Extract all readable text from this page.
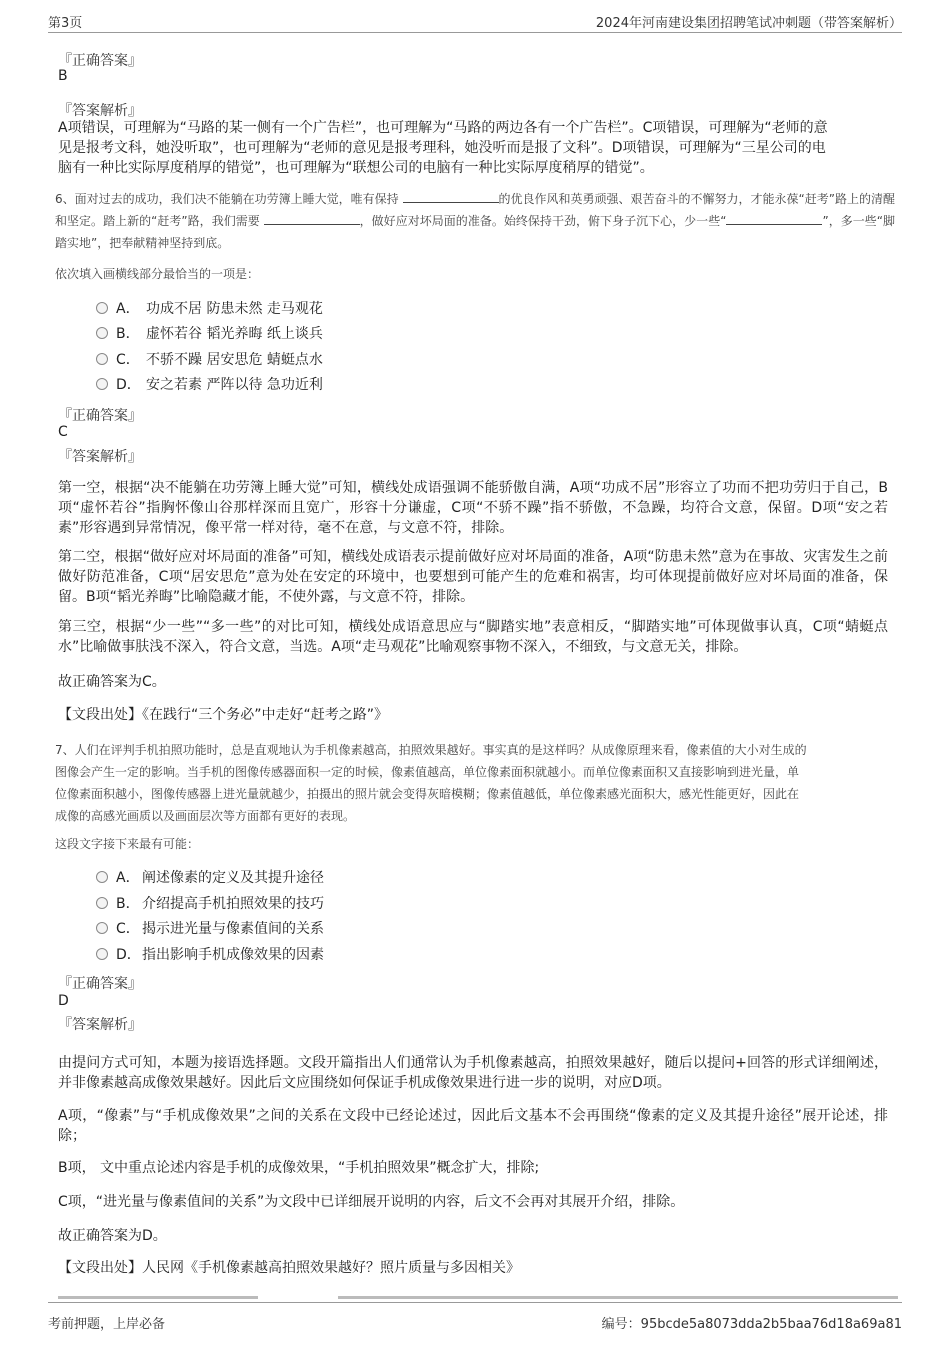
第3页	2024年河南建设集团招聘笔试冲刺题（带答案解析）
『正确答案』
B
『答案解析』
A项错误，可理解为“马路的某一侧有一个广告栏”，也可理解为“马路的两边各有一个广告栏”。C项错误，可理解为“老师的意
见是报考文科，她没听取”，也可理解为“老师的意见是报考理科，她没听而是报了文科”。D项错误，可理解为“三星公司的电
脑有一种比实际厚度稍厚的错觉”，也可理解为“联想公司的电脑有一种比实际厚度稍厚的错觉”。
6、面对过去的成功，我们决不能躺在功劳簿上睡大觉，唯有保持	的优良作风和英勇顽强、艰苦奋斗的不懈努力，才能永葆“赶考”路上的清醒和坚定。踏上新的“赶考”路，我们需要	，做好应对坏局面的准备。始终保持干劲，俯下身子沉下心，少一些“	”，多一些“脚踏实地”，把奉献精神坚持到底。
依次填入画横线部分最恰当的一项是：
A． 功成不居 防患未然 走马观花
B． 虚怀若谷 韬光养晦 纸上谈兵
C． 不骄不躁 居安思危 蜻蜓点水
D． 安之若素 严阵以待 急功近利
『正确答案』
C
『答案解析』
第一空，根据“决不能躺在功劳簿上睡大觉”可知，横线处成语强调不能骄傲自满，A项“功成不居”形容立了功而不把功劳归于自己，B项“虚怀若谷”指胸怀像山谷那样深而且宽广，形容十分谦虚，C项“不骄不躁”指不骄傲，不急躁，均符合文意，保留。D项“安之若素”形容遇到异常情况，像平常一样对待，毫不在意，与文意不符，排除。
第二空，根据“做好应对坏局面的准备”可知，横线处成语表示提前做好应对坏局面的准备，A项“防患未然”意为在事故、灾害发生之前做好防范准备，C项“居安思危”意为处在安定的环境中，也要想到可能产生的危难和祸害，均可体现提前做好应对坏局面的准备，保留。B项“韬光养晦”比喻隐藏才能，不使外露，与文意不符，排除。
第三空，根据“少一些”“多一些”的对比可知，横线处成语意思应与“脚踏实地”表意相反，“脚踏实地”可体现做事认真，C项“蜻蜓点水”比喻做事肤浅不深入，符合文意，当选。A项“走马观花”比喻观察事物不深入，不细致，与文意无关，排除。
故正确答案为C。
【文段出处】《在践行“三个务必”中走好“赶考之路”》
7、人们在评判手机拍照功能时，总是直观地认为手机像素越高，拍照效果越好。事实真的是这样吗？从成像原理来看，像素值的大小对生成的
图像会产生一定的影响。当手机的图像传感器面积一定的时候，像素值越高，单位像素面积就越小。而单位像素面积又直接影响到进光量，单
位像素面积越小，图像传感器上进光量就越少，拍摄出的照片就会变得灰暗模糊；像素值越低，单位像素感光面积大，感光性能更好，因此在
成像的高感光画质以及画面层次等方面都有更好的表现。
这段文字接下来最有可能：
A． 阐述像素的定义及其提升途径
B． 介绍提高手机拍照效果的技巧
C． 揭示进光量与像素值间的关系
D．指出影响手机成像效果的因素
『正确答案』
D
『答案解析』
由提问方式可知，本题为接语选择题。文段开篇指出人们通常认为手机像素越高，拍照效果越好，随后以提问+回答的形式详细阐述，并非像素越高成像效果越好。因此后文应围绕如何保证手机成像效果进行进一步的说明，对应D项。
A项，“像素”与“手机成像效果”之间的关系在文段中已经论述过，因此后文基本不会再围绕“像素的定义及其提升途径”展开论述，排除；
B项， 文中重点论述内容是手机的成像效果，“手机拍照效果”概念扩大，排除;
C项，“进光量与像素值间的关系”为文段中已详细展开说明的内容，后文不会再对其展开介绍，排除。
故正确答案为D。
【文段出处】人民网《手机像素越高拍照效果越好？照片质量与多因相关》
考前押题，上岸必备	编号：95bcde5a8073dda2b5baa76d18a69a81
